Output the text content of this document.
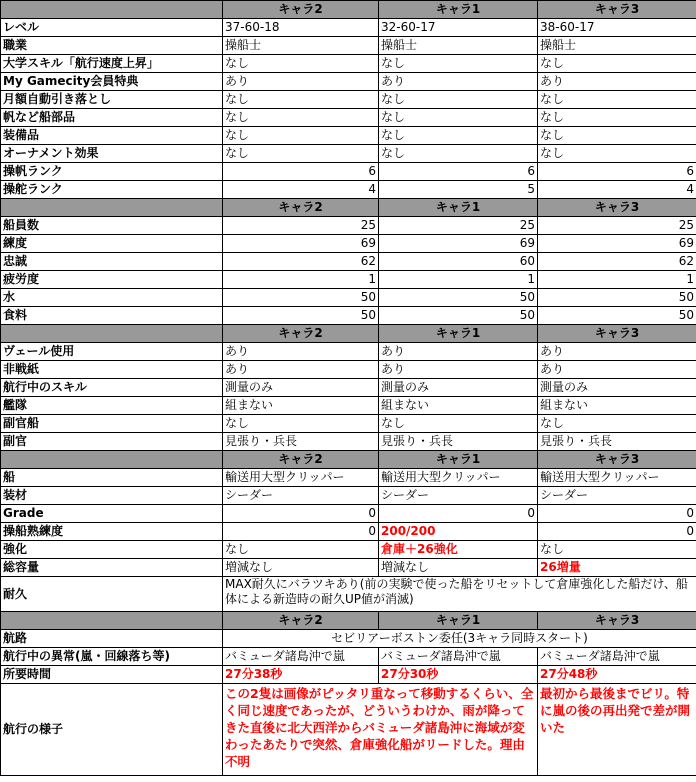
	キャラ2	キャラ1	キャラ3
レベル	37-60-18	32-60-17	38-60-17
職業	操船士	操船士	操船士
大学スキル「航行速度上昇」	なし	なし	なし
My Gamecity会員特典	あり	あり	あり
月額自動引き落とし	なし	なし	なし
帆など船部品	なし	なし	なし
装備品	なし	なし	なし
オーナメント効果	なし	なし	なし
操帆ランク	6	6	6
操舵ランク	4	5	4
	キャラ2	キャラ1	キャラ3
船員数	25	25	25
練度	69	69	69
忠誠	62	60	62
疲労度	1	1	1
水	50	50	50
食料	50	50	50
	キャラ2	キャラ1	キャラ3
ヴェール使用	あり	あり	あり
非戦紙	あり	あり	あり
航行中のスキル	測量のみ	測量のみ	測量のみ
艦隊	組まない	組まない	組まない
副官船	なし	なし	なし
副官	見張り・兵長	見張り・兵長	見張り・兵長
	キャラ2	キャラ1	キャラ3
船	輸送用大型クリッパー	輸送用大型クリッパー	輸送用大型クリッパー
装材	シーダー	シーダー	シーダー
Grade	0	0	0
操船熟練度	0	200/200	0
強化	なし	倉庫＋26強化	なし
総容量	増減なし	増減なし	26増量
耐久	MAX耐久にバラツキあり(前の実験で使った船をリセットして倉庫強化した船だけ、船体による新造時の耐久UP値が消滅)		
	キャラ2	キャラ1	キャラ3
航路	セビリアーボストン委任(3キャラ同時スタート)		
航行中の異常(嵐・回線落ち等)	バミューダ諸島沖で嵐	バミューダ諸島沖で嵐	バミューダ諸島沖で嵐
所要時間	27分38秒	27分30秒	27分48秒
航行の様子	この2隻は画像がピッタリ重なって移動するくらい、全く同じ速度であったが、どういうわけか、雨が降ってきた直後に北大西洋からバミューダ諸島沖に海域が変わったあたりで突然、倉庫強化船がリードした。理由不明		最初から最後までビリ。特に嵐の後の再出発で差が開いた
